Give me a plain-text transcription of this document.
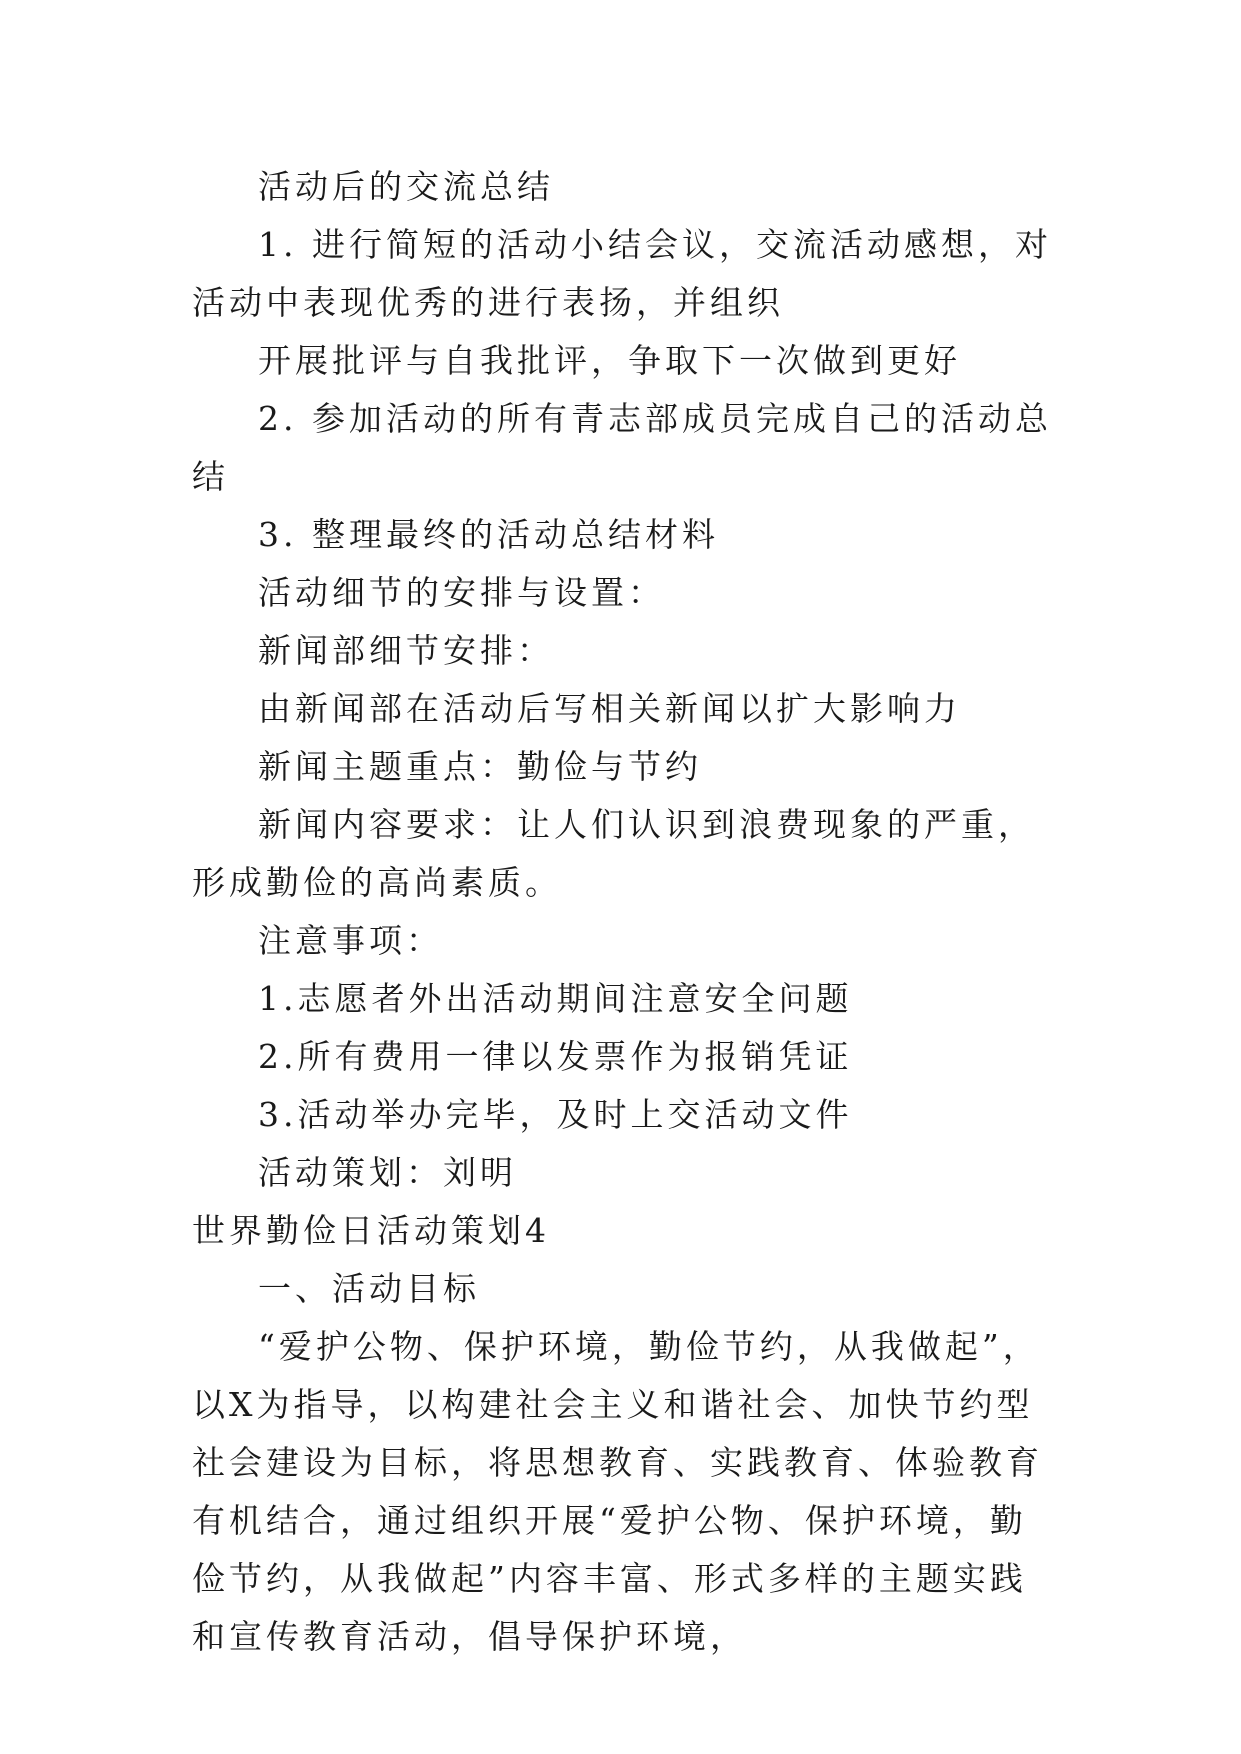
活动后的交流总结

1. 进行简短的活动小结会议，交流活动感想，对活动中表现优秀的进行表扬，并组织

开展批评与自我批评，争取下一次做到更好

2. 参加活动的所有青志部成员完成自己的活动总结

3. 整理最终的活动总结材料

活动细节的安排与设置：

新闻部细节安排：

由新闻部在活动后写相关新闻以扩大影响力

新闻主题重点：勤俭与节约

新闻内容要求：让人们认识到浪费现象的严重，形成勤俭的高尚素质。

注意事项：

1.志愿者外出活动期间注意安全问题

2.所有费用一律以发票作为报销凭证

3.活动举办完毕，及时上交活动文件

活动策划：刘明

世界勤俭日活动策划4

一、活动目标

“爱护公物、保护环境，勤俭节约，从我做起”，以X为指导，以构建社会主义和谐社会、加快节约型社会建设为目标，将思想教育、实践教育、体验教育有机结合，通过组织开展“爱护公物、保护环境，勤俭节约，从我做起”内容丰富、形式多样的主题实践和宣传教育活动，倡导保护环境，
